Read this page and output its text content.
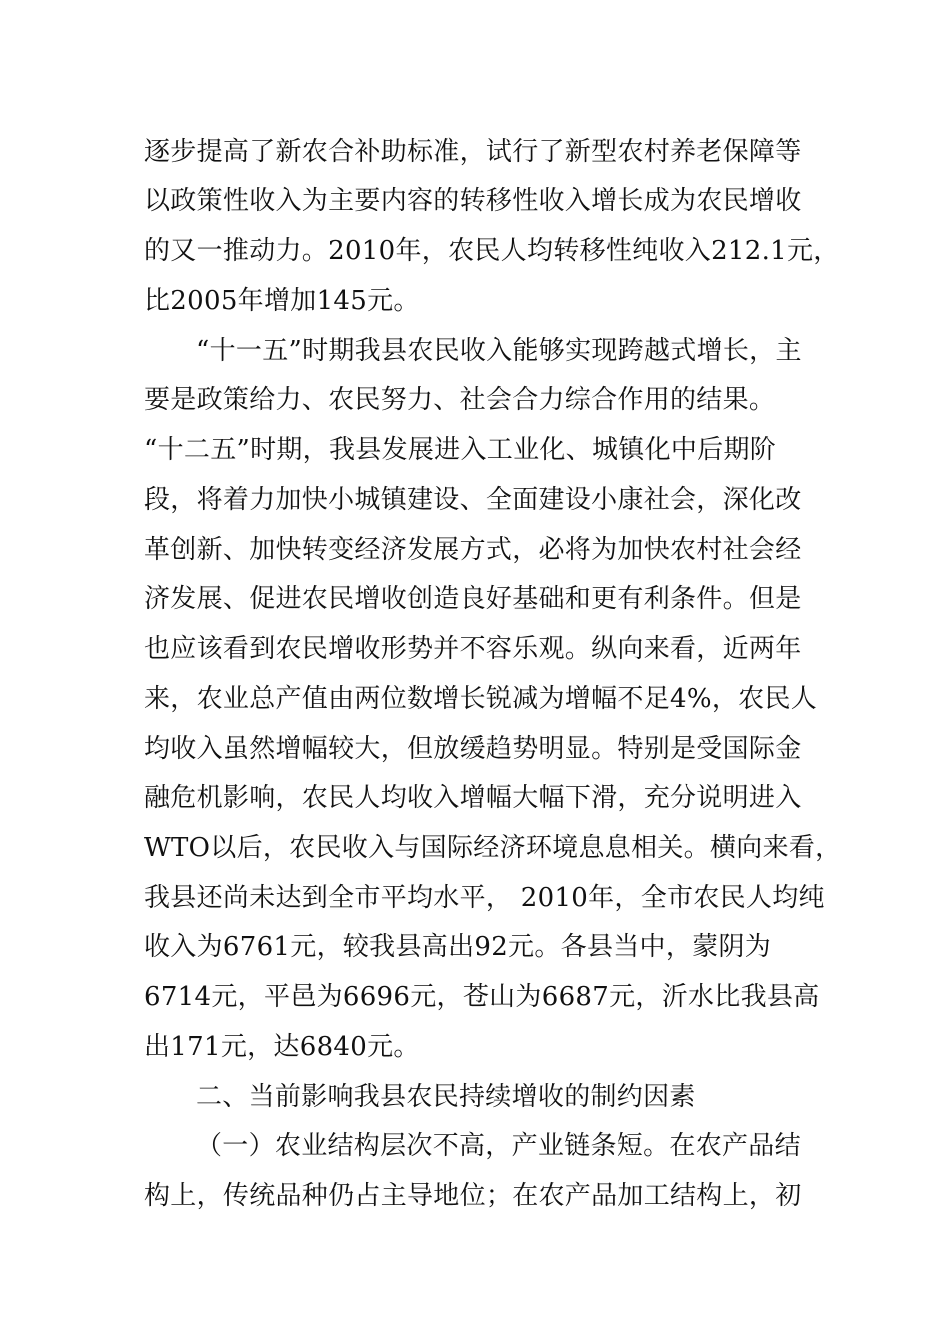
逐步提高了新农合补助标准，试行了新型农村养老保障等
以政策性收入为主要内容的转移性收入增长成为农民增收
的又一推动力。2010年，农民人均转移性纯收入212.1元，
比2005年增加145元。
“十一五”时期我县农民收入能够实现跨越式增长，主
要是政策给力、农民努力、社会合力综合作用的结果。
“十二五”时期，我县发展进入工业化、城镇化中后期阶
段，将着力加快小城镇建设、全面建设小康社会，深化改
革创新、加快转变经济发展方式，必将为加快农村社会经
济发展、促进农民增收创造良好基础和更有利条件。但是
也应该看到农民增收形势并不容乐观。纵向来看，近两年
来，农业总产值由两位数增长锐减为增幅不足4%，农民人
均收入虽然增幅较大，但放缓趋势明显。特别是受国际金
融危机影响，农民人均收入增幅大幅下滑，充分说明进入
WTO以后，农民收入与国际经济环境息息相关。横向来看，
我县还尚未达到全市平均水平， 2010年，全市农民人均纯
收入为6761元，较我县高出92元。各县当中，蒙阴为
6714元，平邑为6696元，苍山为6687元，沂水比我县高
出171元，达6840元。
二、当前影响我县农民持续增收的制约因素
（一）农业结构层次不高，产业链条短。在农产品结
构上，传统品种仍占主导地位；在农产品加工结构上，初
